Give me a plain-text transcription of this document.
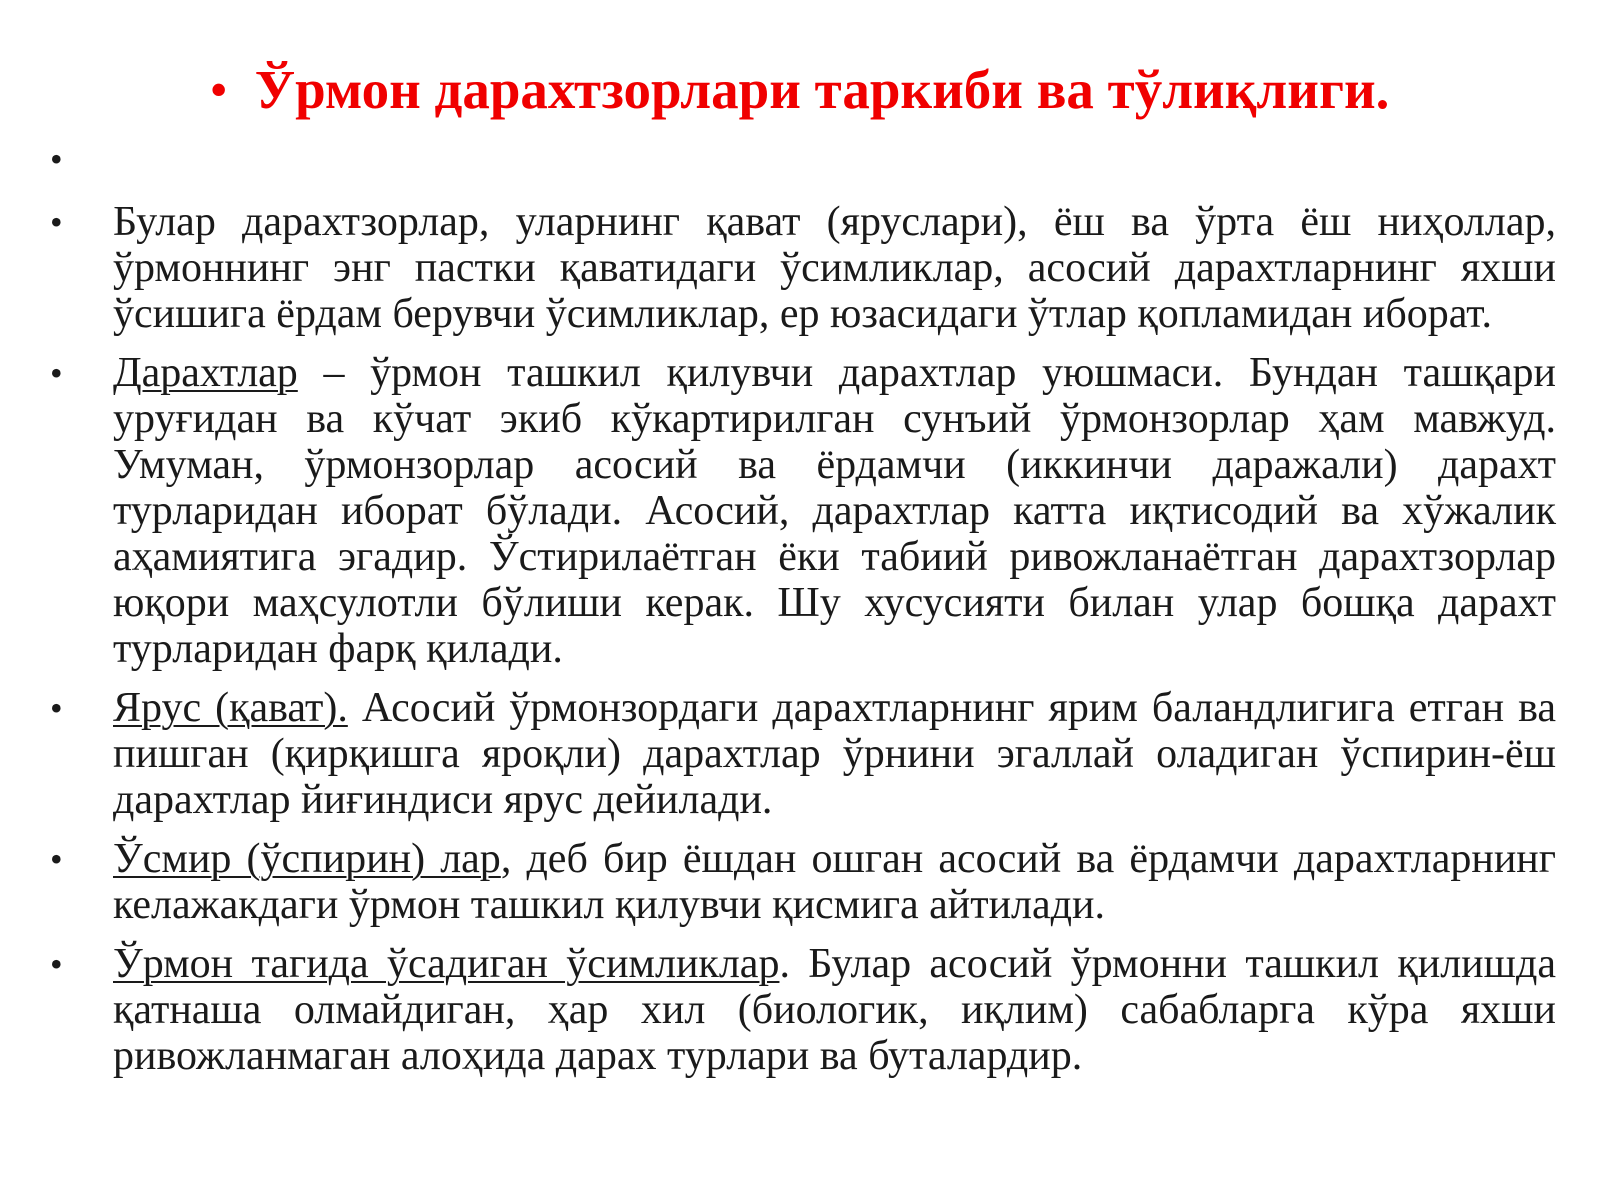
• Ўрмон дарахтзорлари таркиби ва тўлиқлиги.
•
• Булар дарахтзорлар, уларнинг қават (яруслари), ёш ва ўрта ёш ниҳоллар, ўрмоннинг энг пастки қаватидаги ўсимликлар, асосий дарахтларнинг яхши ўсишига ёрдам берувчи ўсимликлар, ер юзасидаги ўтлар қопламидан иборат.
• Дарахтлар – ўрмон ташкил қилувчи дарахтлар уюшмаси. Бундан ташқари уруғидан ва кўчат экиб кўкартирилган сунъий ўрмонзорлар ҳам мавжуд. Умуман, ўрмонзорлар асосий ва ёрдамчи (иккинчи даражали) дарахт турларидан иборат бўлади. Асосий, дарахтлар катта иқтисодий ва хўжалик аҳамиятига эгадир. Ўстирилаётган ёки табиий ривожланаётган дарахтзорлар юқори маҳсулотли бўлиши керак. Шу хусусияти билан улар бошқа дарахт турларидан фарқ қилади.
• Ярус (қават). Асосий ўрмонзордаги дарахтларнинг ярим баландлигига етган ва пишган (қирқишга яроқли) дарахтлар ўрнини эгаллай оладиган ўспирин-ёш дарахтлар йиғиндиси ярус дейилади.
• Ўсмир (ўспирин) лар, деб бир ёшдан ошган асосий ва ёрдамчи дарахтларнинг келажакдаги ўрмон ташкил қилувчи қисмига айтилади.
• Ўрмон тагида ўсадиган ўсимликлар. Булар асосий ўрмонни ташкил қилишда қатнаша олмайдиган, ҳар хил (биологик, иқлим) сабабларга кўра яхши ривожланмаган алоҳида дарах турлари ва буталардир.
